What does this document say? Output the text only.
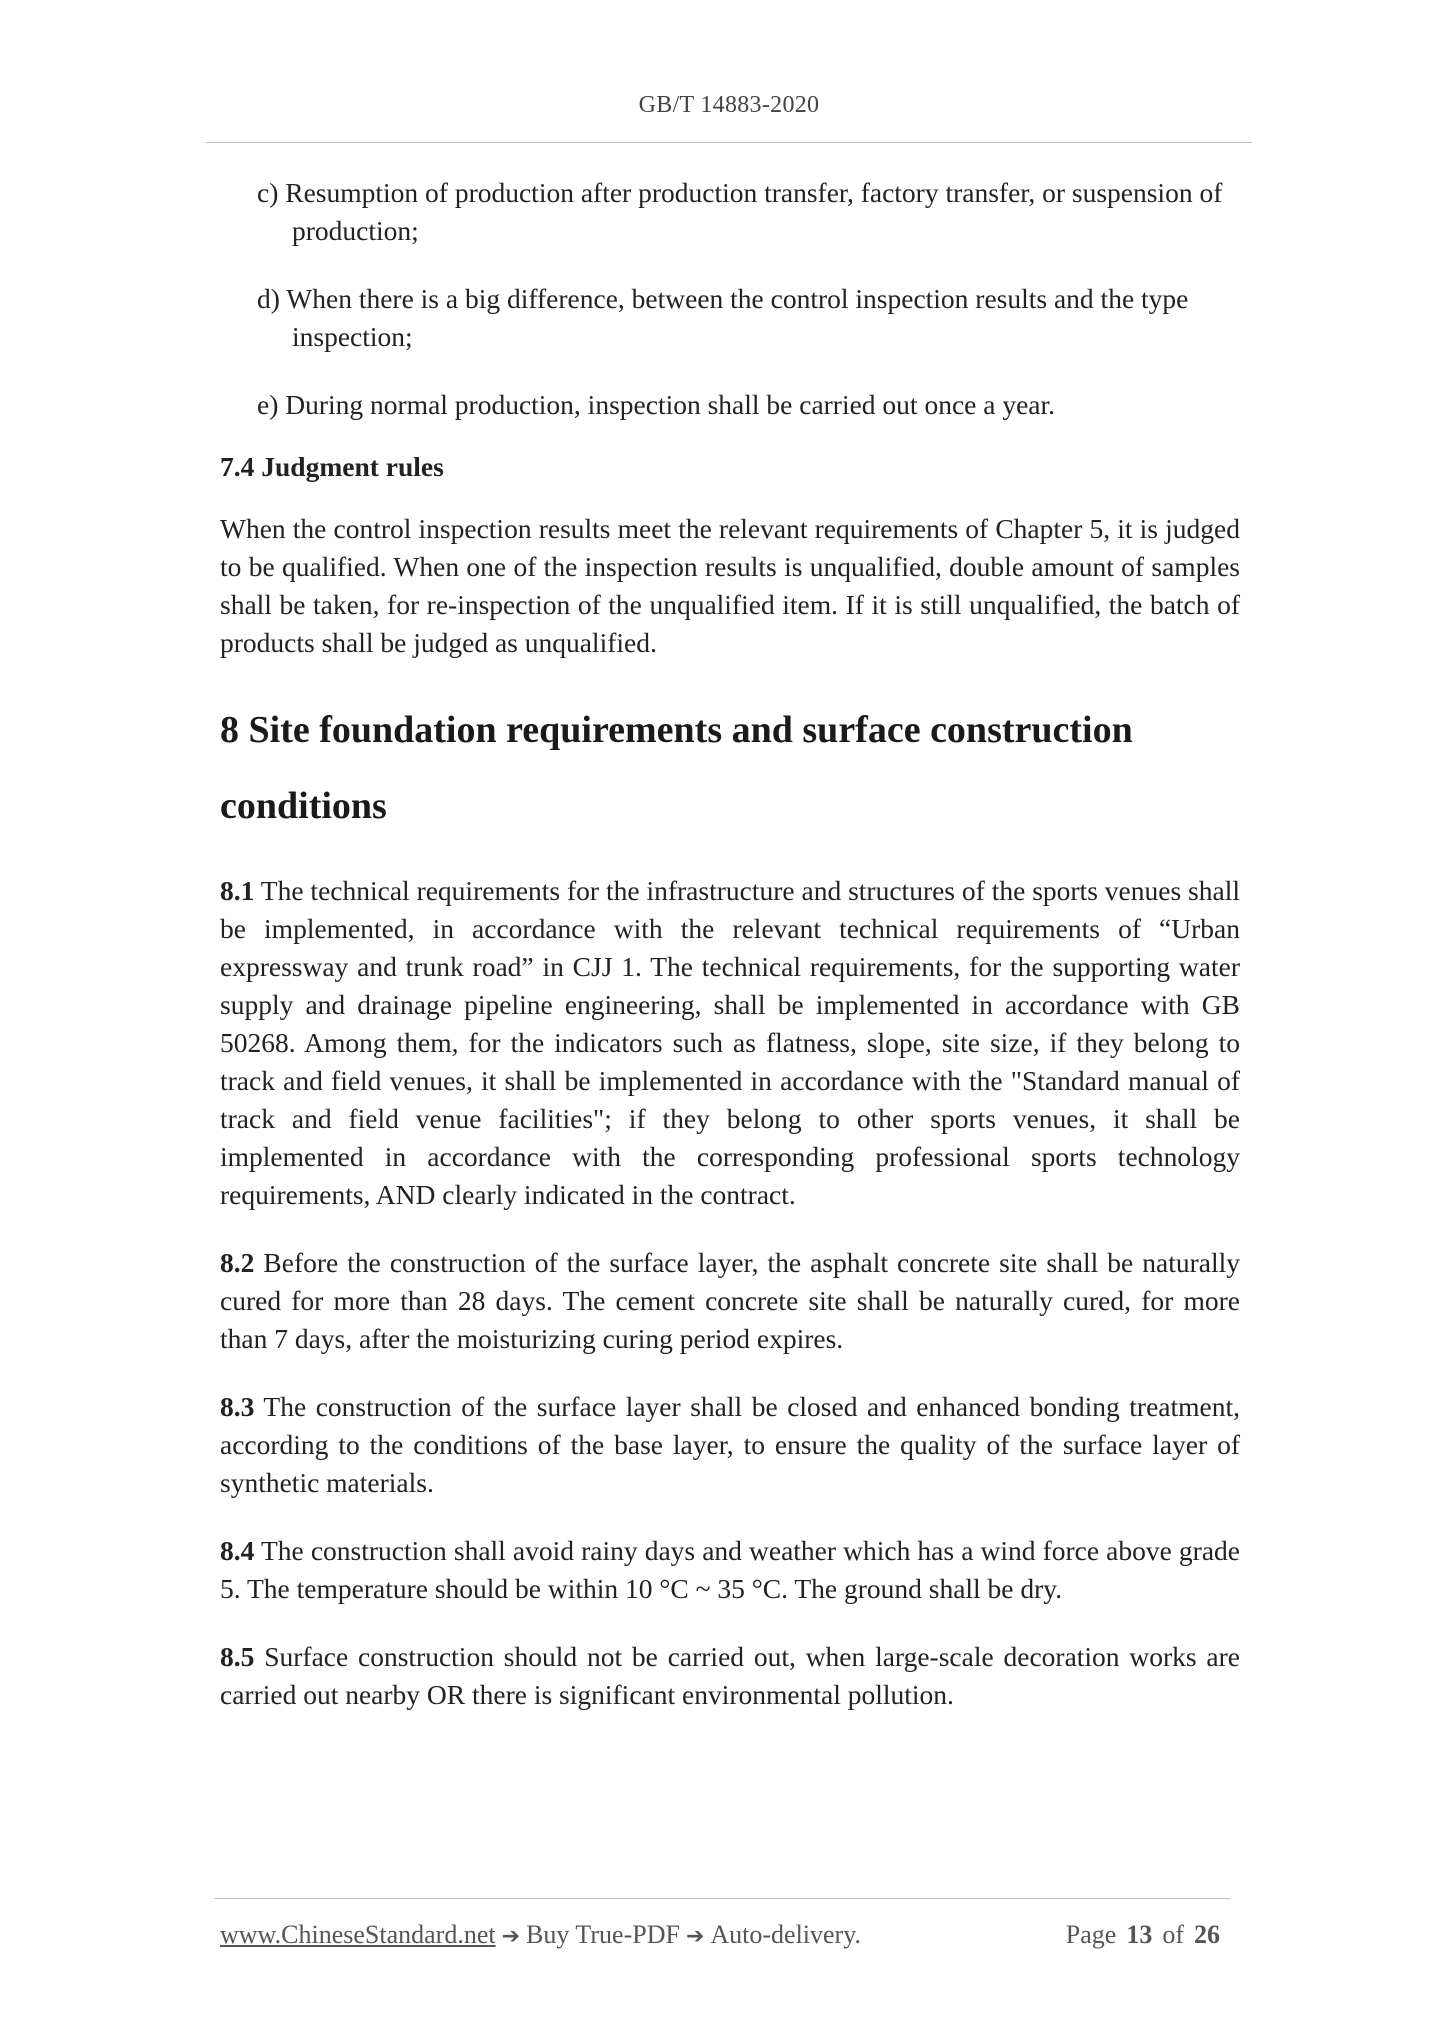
GB/T 14883-2020

c) Resumption of production after production transfer, factory transfer, or suspension of production;

d) When there is a big difference, between the control inspection results and the type inspection;

e) During normal production, inspection shall be carried out once a year.

7.4 Judgment rules

When the control inspection results meet the relevant requirements of Chapter 5, it is judged to be qualified. When one of the inspection results is unqualified, double amount of samples shall be taken, for re-inspection of the unqualified item. If it is still unqualified, the batch of products shall be judged as unqualified.

8 Site foundation requirements and surface construction conditions

8.1 The technical requirements for the infrastructure and structures of the sports venues shall be implemented, in accordance with the relevant technical requirements of “Urban expressway and trunk road” in CJJ 1. The technical requirements, for the supporting water supply and drainage pipeline engineering, shall be implemented in accordance with GB 50268. Among them, for the indicators such as flatness, slope, site size, if they belong to track and field venues, it shall be implemented in accordance with the "Standard manual of track and field venue facilities"; if they belong to other sports venues, it shall be implemented in accordance with the corresponding professional sports technology requirements, AND clearly indicated in the contract.

8.2 Before the construction of the surface layer, the asphalt concrete site shall be naturally cured for more than 28 days. The cement concrete site shall be naturally cured, for more than 7 days, after the moisturizing curing period expires.

8.3 The construction of the surface layer shall be closed and enhanced bonding treatment, according to the conditions of the base layer, to ensure the quality of the surface layer of synthetic materials.

8.4 The construction shall avoid rainy days and weather which has a wind force above grade 5. The temperature should be within 10 °C ~ 35 °C. The ground shall be dry.

8.5 Surface construction should not be carried out, when large-scale decoration works are carried out nearby OR there is significant environmental pollution.

www.ChineseStandard.net ➔ Buy True-PDF ➔ Auto-delivery.	Page 13 of 26
